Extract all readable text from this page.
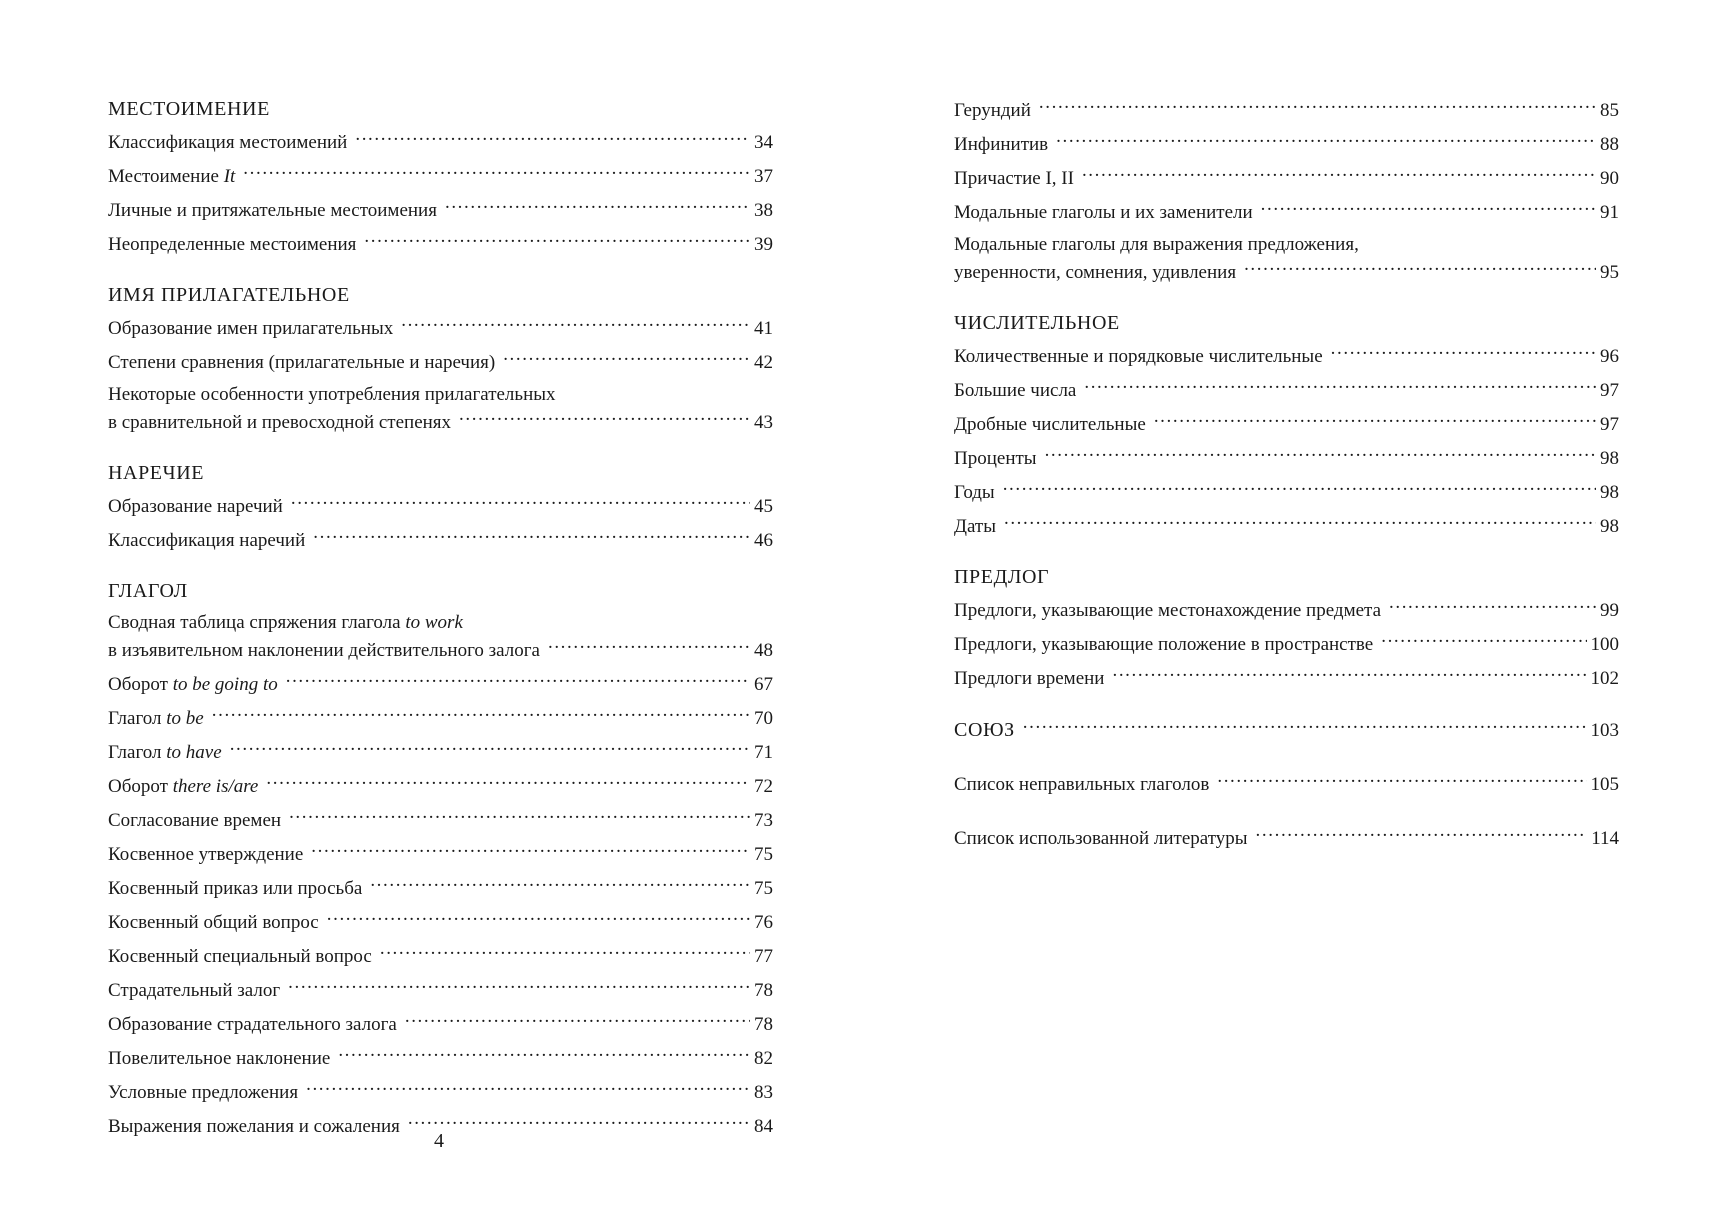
МЕСТОИМЕНИЕ
Классификация местоимений .....	34
Местоимение It .....	37
Личные и притяжательные местоимения .....	38
Неопределенные местоимения .....	39
ИМЯ ПРИЛАГАТЕЛЬНОЕ
Образование имен прилагательных .....	41
Степени сравнения (прилагательные и наречия) .....	42
Некоторые особенности употребления прилагательных
в сравнительной и превосходной степенях .....	43
НАРЕЧИЕ
Образование наречий .....	45
Классификация наречий .....	46
ГЛАГОЛ
Сводная таблица спряжения глагола to work
в изъявительном наклонении действительного залога .....	48
Оборот to be going to .....	67
Глагол to be .....	70
Глагол to have .....	71
Оборот there is/are .....	72
Согласование времен .....	73
Косвенное утверждение .....	75
Косвенный приказ или просьба .....	75
Косвенный общий вопрос .....	76
Косвенный специальный вопрос .....	77
Страдательный залог .....	78
Образование страдательного залога .....	78
Повелительное наклонение .....	82
Условные предложения .....	83
Выражения пожелания и сожаления .....	84
4
Герундий .....	85
Инфинитив .....	88
Причастие I, II .....	90
Модальные глаголы и их заменители .....	91
Модальные глаголы для выражения предложения,
уверенности, сомнения, удивления .....	95
ЧИСЛИТЕЛЬНОЕ
Количественные и порядковые числительные .....	96
Большие числа .....	97
Дробные числительные .....	97
Проценты .....	98
Годы .....	98
Даты .....	98
ПРЕДЛОГ
Предлоги, указывающие местонахождение предмета .....	99
Предлоги, указывающие положение в пространстве .....	100
Предлоги времени .....	102
СОЮЗ .....	103
Список неправильных глаголов .....	105
Список использованной литературы .....	114
